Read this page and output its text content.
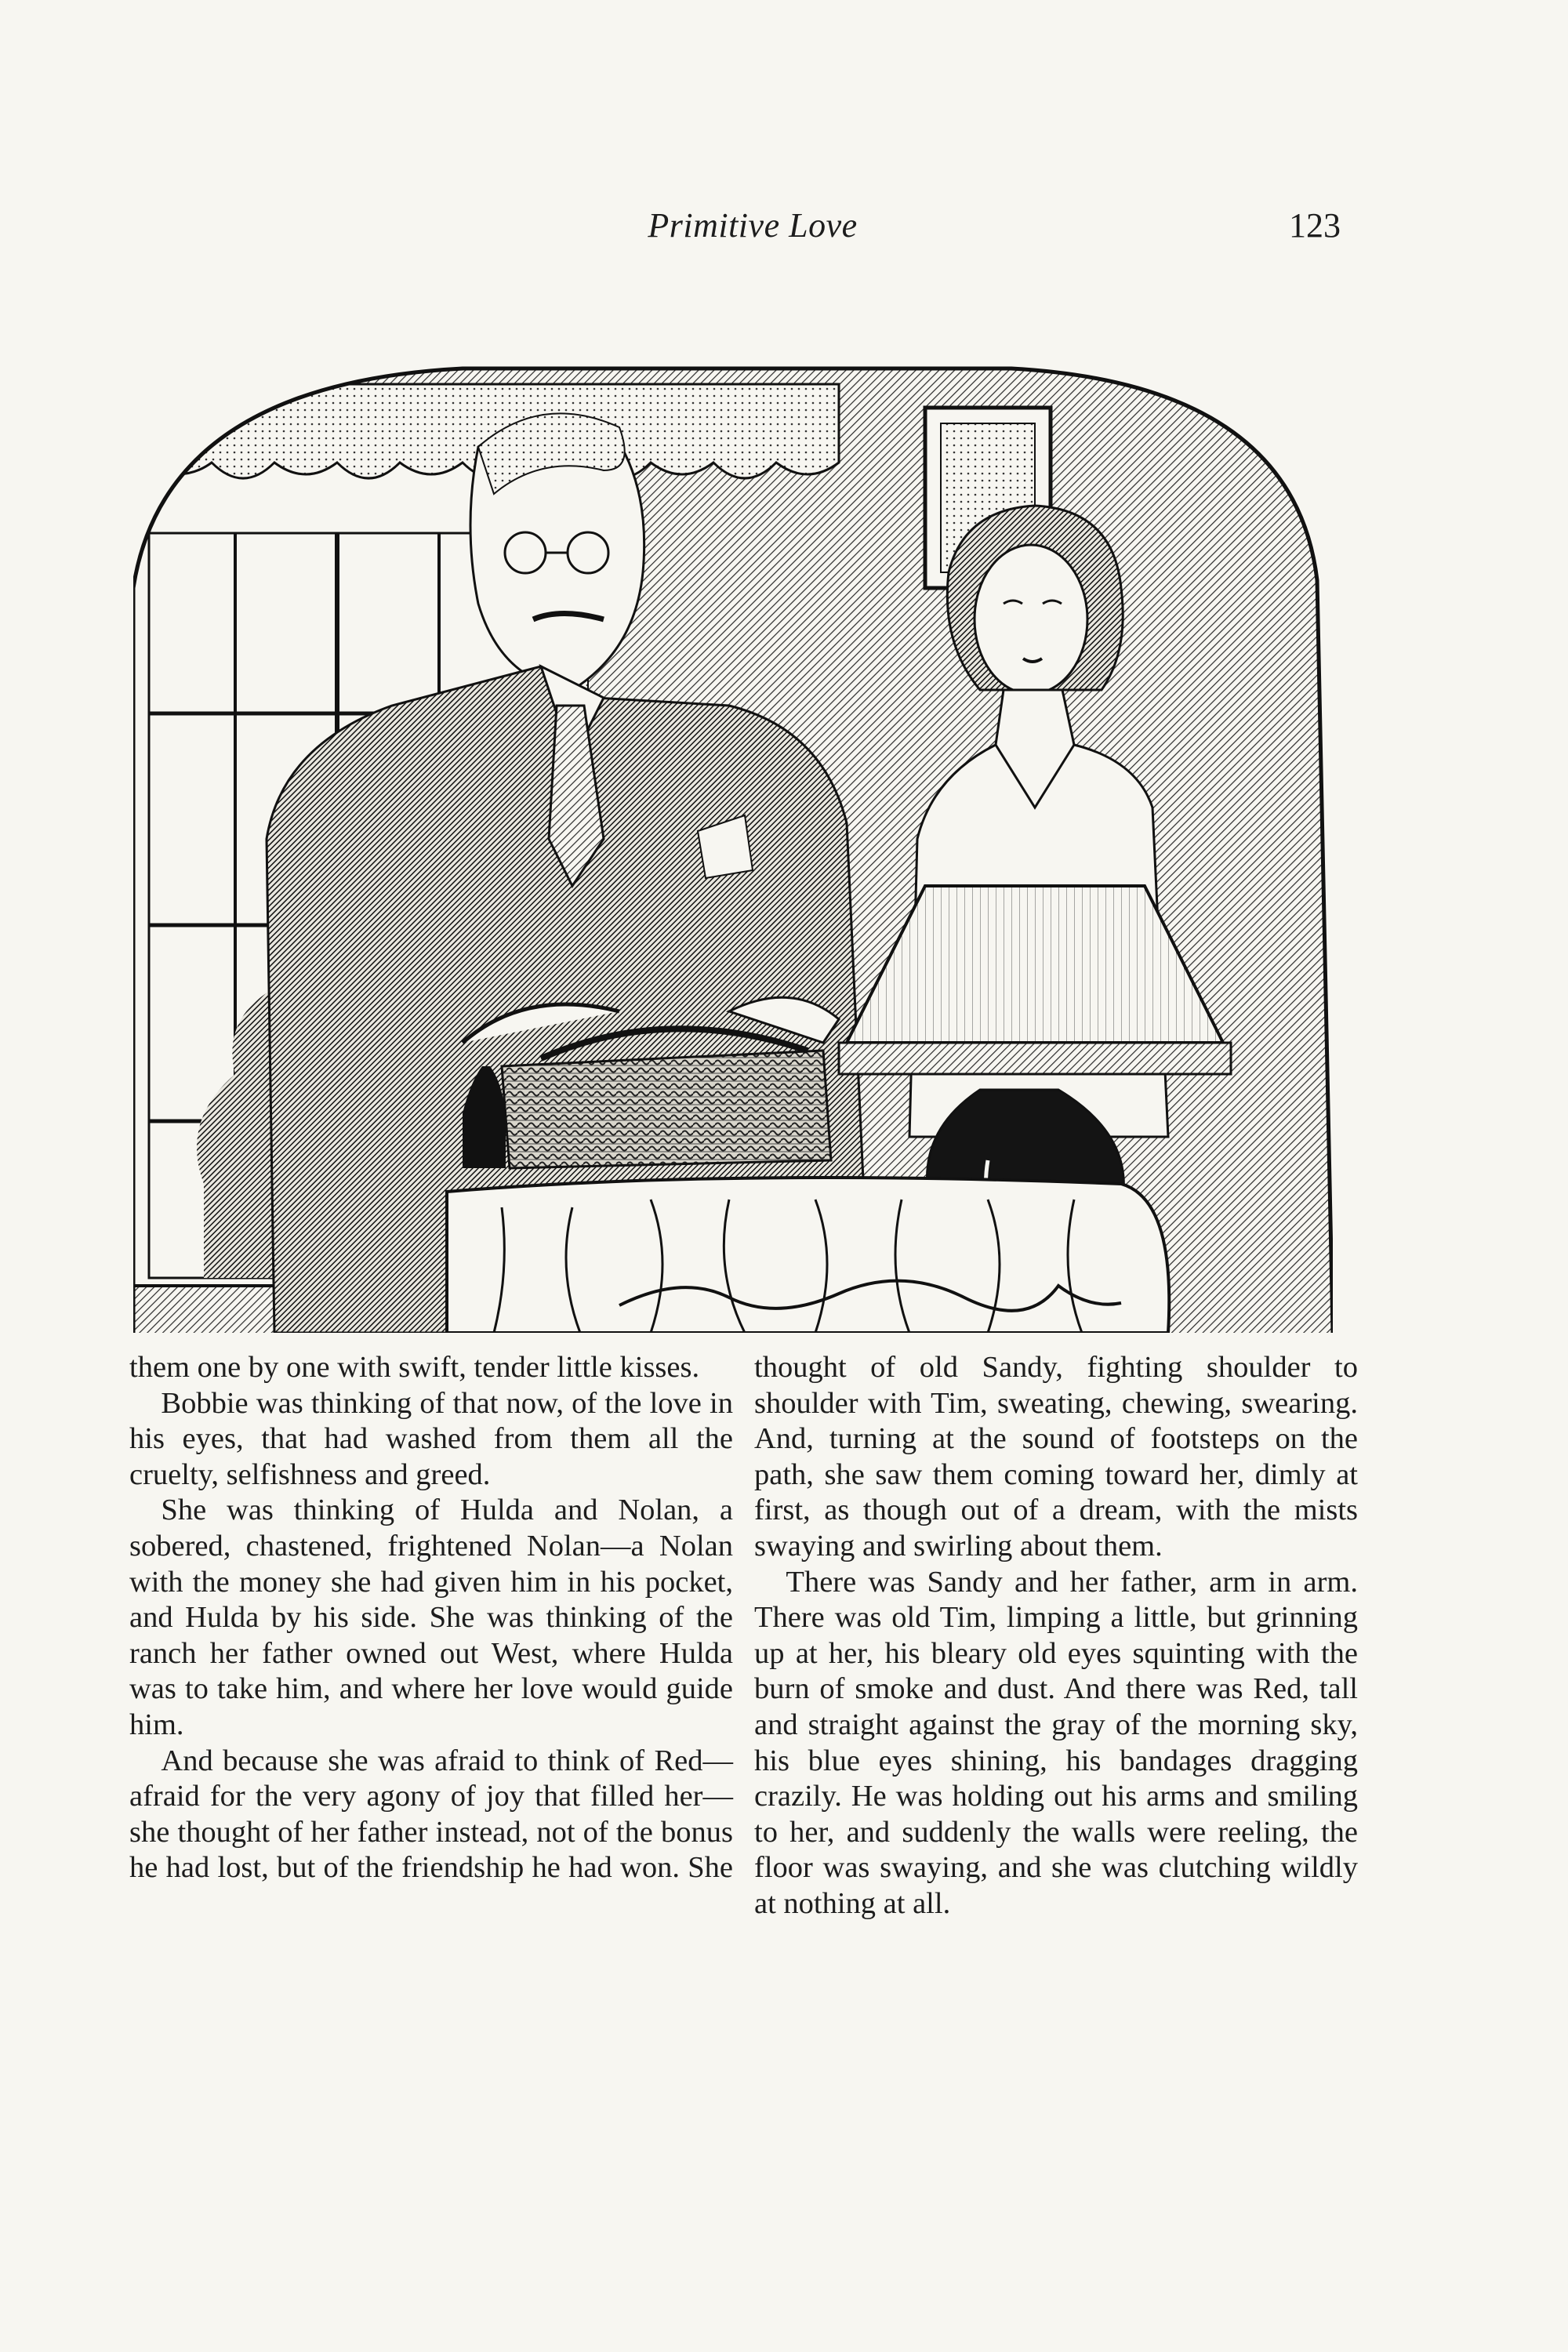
Primitive Love	123

them one by one with swift, tender little kisses.

Bobbie was thinking of that now, of the love in his eyes, that had washed from them all the cruelty, selfishness and greed.

She was thinking of Hulda and Nolan, a sobered, chastened, frightened Nolan—a Nolan with the money she had given him in his pocket, and Hulda by his side. She was thinking of the ranch her father owned out West, where Hulda was to take him, and where her love would guide him.

And because she was afraid to think of Red—afraid for the very agony of joy that filled her—she thought of her father instead, not of the bonus he had lost, but of the friendship he had won. She

thought of old Sandy, fighting shoulder to shoulder with Tim, sweating, chewing, swearing. And, turning at the sound of footsteps on the path, she saw them coming toward her, dimly at first, as though out of a dream, with the mists swaying and swirling about them.

There was Sandy and her father, arm in arm. There was old Tim, limping a little, but grinning up at her, his bleary old eyes squinting with the burn of smoke and dust. And there was Red, tall and straight against the gray of the morning sky, his blue eyes shining, his bandages dragging crazily. He was holding out his arms and smiling to her, and suddenly the walls were reeling, the floor was swaying, and she was clutching wildly at nothing at all.
